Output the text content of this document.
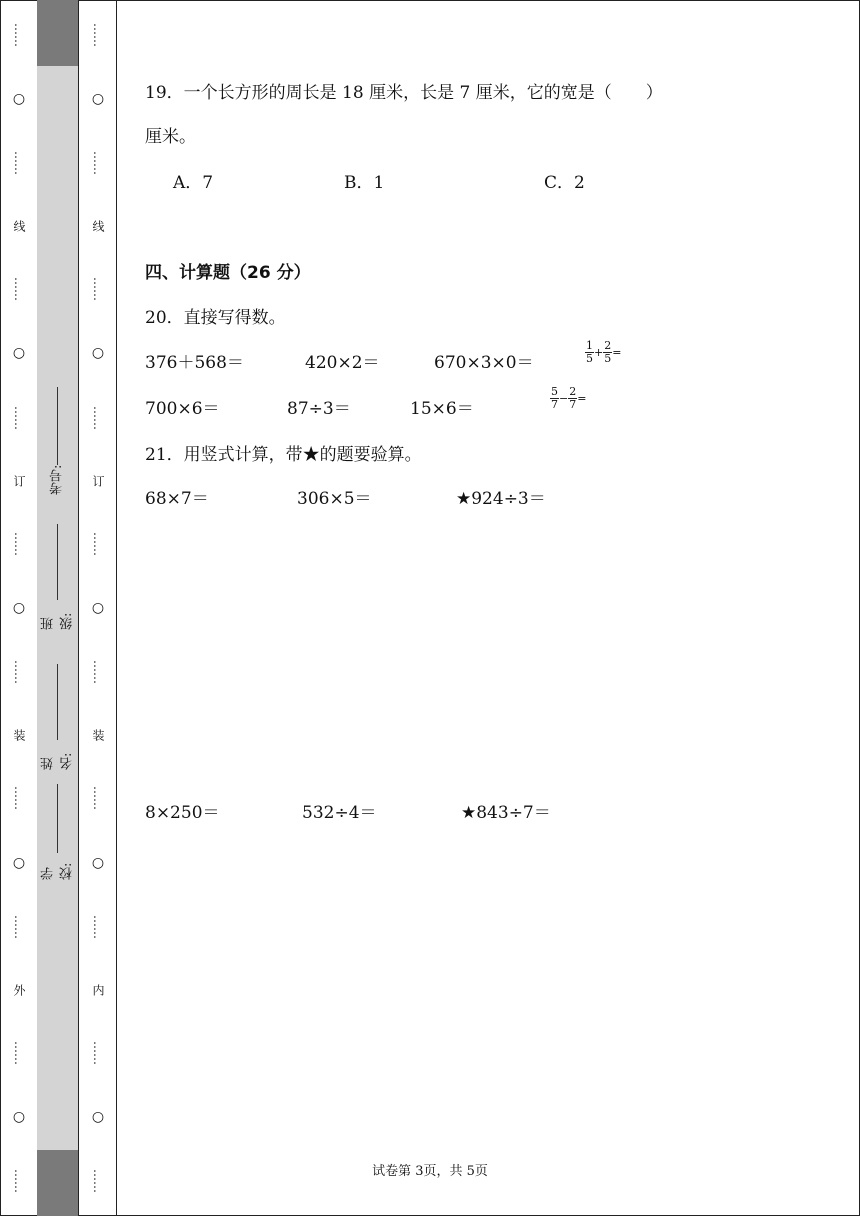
……
○
……
线
……
○
……
订
……
○
……
装
……
○
……
外
……
○
……
……
○
……
线
……
○
……
订
……
○
……
装
……
○
……
内
……
○
……
学校:
姓名:
班级:
考号:
19．一个长方形的周长是 18 厘米，长是 7 厘米，它的宽是（　　）
厘米。
A．7	B．1	C．2
四、计算题（26 分）
20．直接写得数。
376＋568＝	420×2＝	670×3×0＝	$\frac{1}{5} + \frac{2}{5}$ =
700×6＝	87÷3＝	15×6＝	$\frac{5}{7} - \frac{2}{7}$ =
21．用竖式计算，带★的题要验算。
68×7＝	306×5＝	★924÷3＝
8×250＝	532÷4＝	★843÷7＝
试卷第 3页，共 5页
